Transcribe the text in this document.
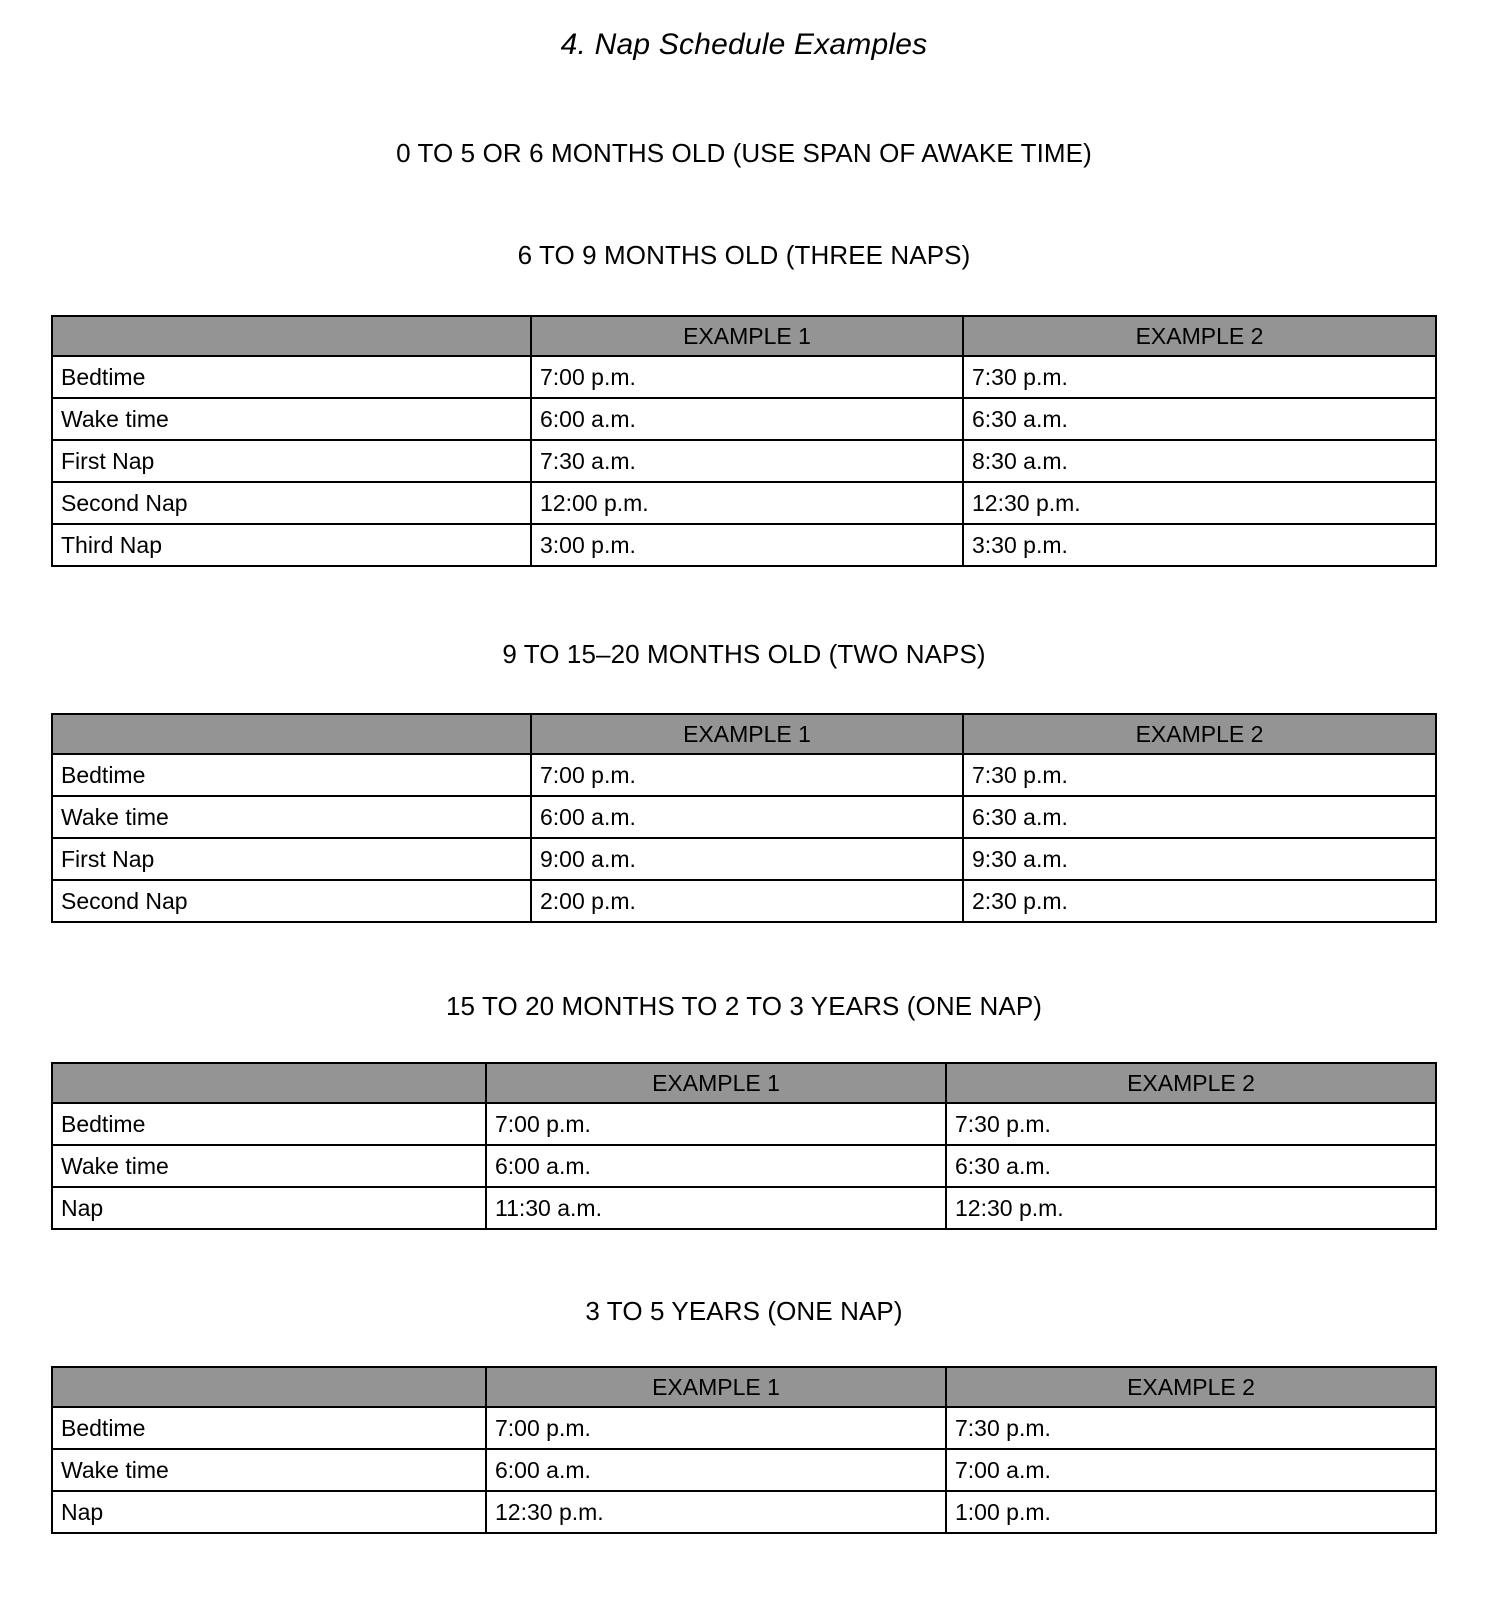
4. Nap Schedule Examples
0 TO 5 OR 6 MONTHS OLD (USE SPAN OF AWAKE TIME)
6 TO 9 MONTHS OLD (THREE NAPS)
	EXAMPLE 1	EXAMPLE 2
Bedtime	7:00 p.m.	7:30 p.m.
Wake time	6:00 a.m.	6:30 a.m.
First Nap	7:30 a.m.	8:30 a.m.
Second Nap	12:00 p.m.	12:30 p.m.
Third Nap	3:00 p.m.	3:30 p.m.
9 TO 15–20 MONTHS OLD (TWO NAPS)
	EXAMPLE 1	EXAMPLE 2
Bedtime	7:00 p.m.	7:30 p.m.
Wake time	6:00 a.m.	6:30 a.m.
First Nap	9:00 a.m.	9:30 a.m.
Second Nap	2:00 p.m.	2:30 p.m.
15 TO 20 MONTHS TO 2 TO 3 YEARS (ONE NAP)
	EXAMPLE 1	EXAMPLE 2
Bedtime	7:00 p.m.	7:30 p.m.
Wake time	6:00 a.m.	6:30 a.m.
Nap	11:30 a.m.	12:30 p.m.
3 TO 5 YEARS (ONE NAP)
	EXAMPLE 1	EXAMPLE 2
Bedtime	7:00 p.m.	7:30 p.m.
Wake time	6:00 a.m.	7:00 a.m.
Nap	12:30 p.m.	1:00 p.m.
